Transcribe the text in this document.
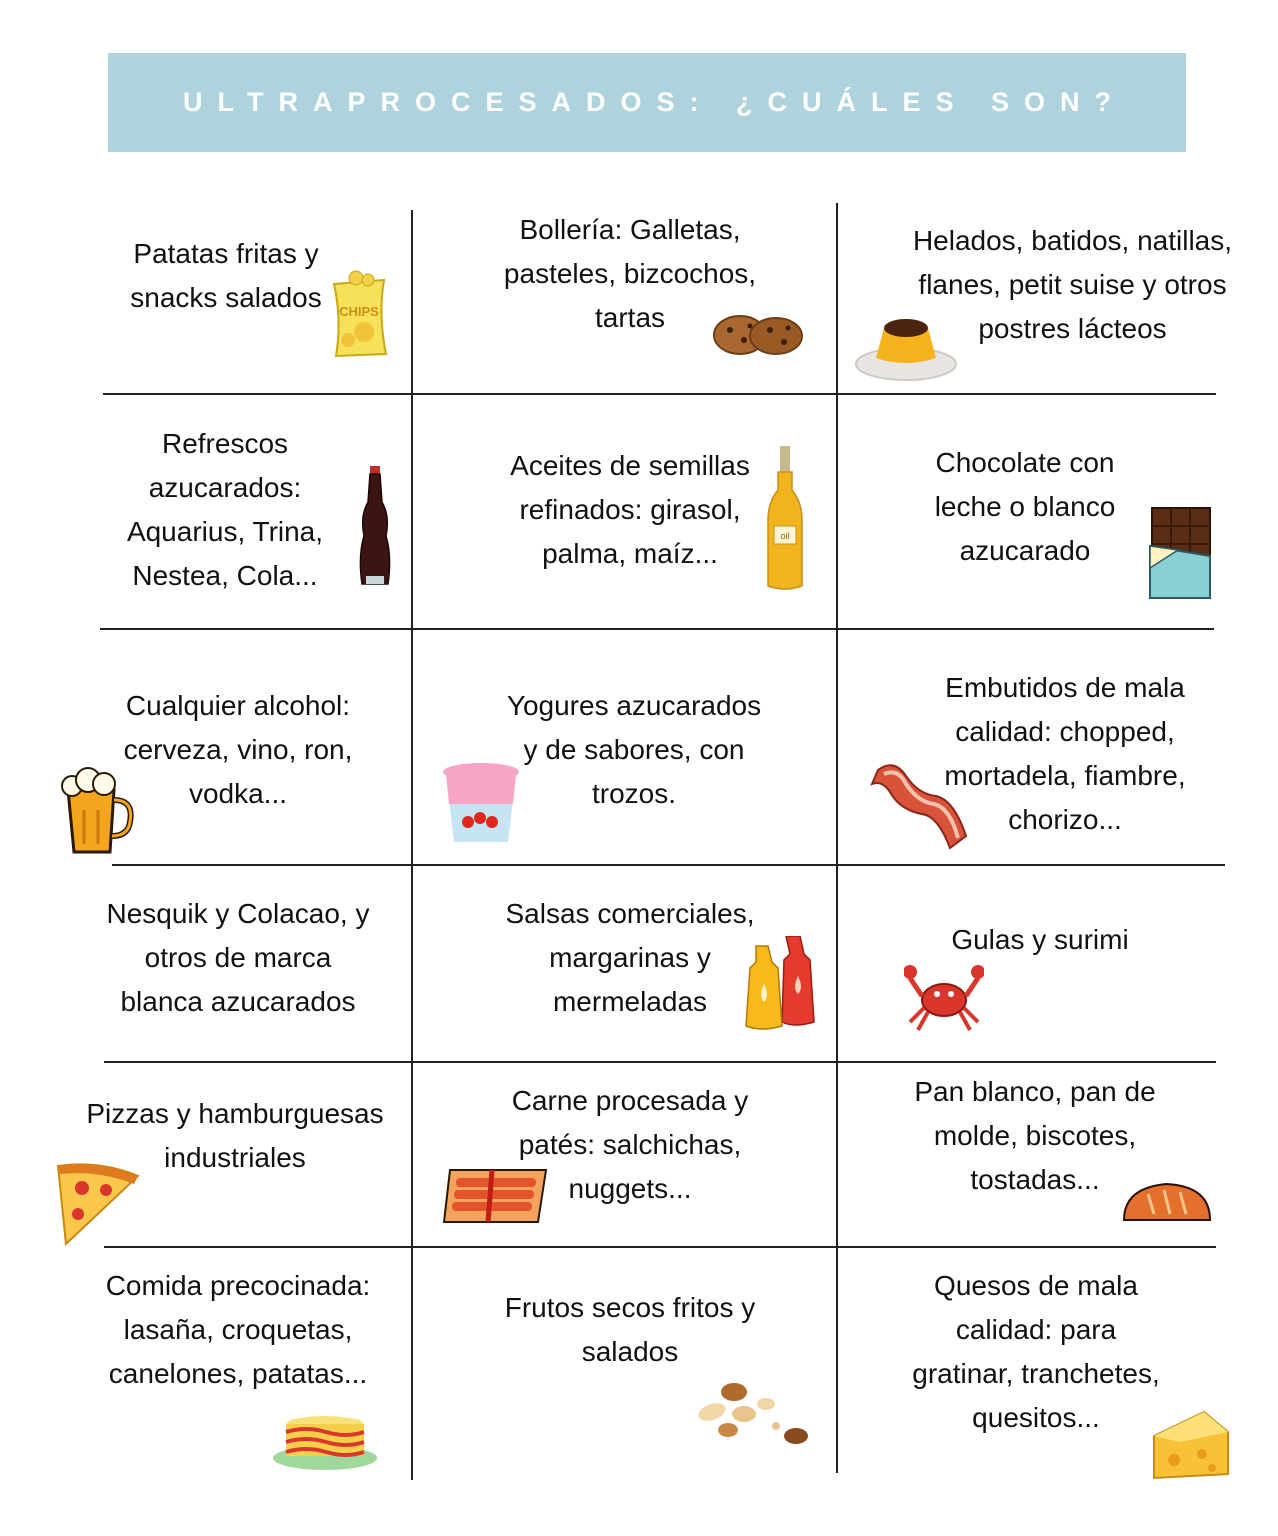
ULTRAPROCESADOS: ¿CUÁLES SON?
Patatas fritas y
snacks salados
Bollería: Galletas,
pasteles, bizcochos,
tartas
Helados, batidos, natillas,
flanes, petit suise y otros
postres lácteos
Refrescos
azucarados:
Aquarius, Trina,
Nestea, Cola...
Aceites de semillas
refinados: girasol,
palma, maíz...
Chocolate con
leche o blanco
azucarado
Cualquier alcohol:
cerveza, vino, ron,
vodka...
Yogures azucarados
y de sabores, con
trozos.
Embutidos de mala
calidad: chopped,
mortadela, fiambre,
chorizo...
Nesquik y Colacao, y
otros de marca
blanca azucarados
Salsas comerciales,
margarinas y
mermeladas
Gulas y surimi
Pizzas y hamburguesas
industriales
Carne procesada y
patés: salchichas,
nuggets...
Pan blanco, pan de
molde, biscotes,
tostadas...
Comida precocinada:
lasaña, croquetas,
canelones, patatas...
Frutos secos fritos y
salados
Quesos de mala
calidad: para
gratinar, tranchetes,
quesitos...
CHIPS
oil
